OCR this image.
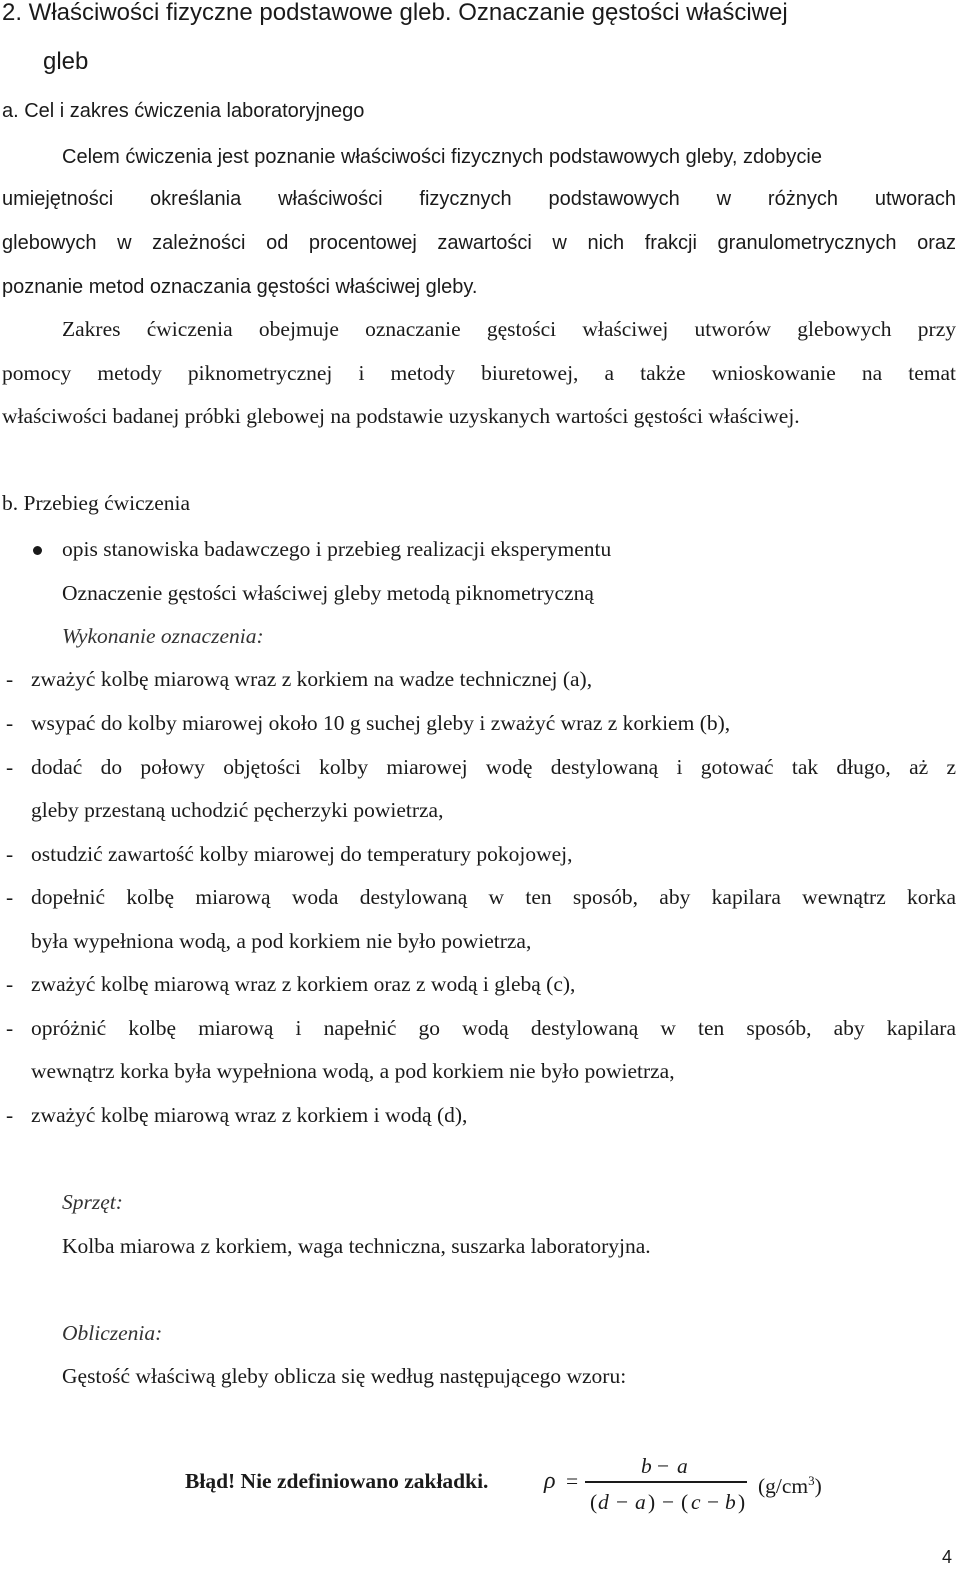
2. Właściwości fizyczne podstawowe gleb. Oznaczanie gęstości właściwej
gleb
a. Cel i zakres ćwiczenia laboratoryjnego
Celem ćwiczenia jest poznanie właściwości fizycznych podstawowych gleby, zdobycie
umiejętności określania właściwości fizycznych podstawowych w różnych utworach
glebowych w zależności od procentowej zawartości w nich frakcji granulometrycznych oraz
poznanie metod oznaczania gęstości właściwej gleby.
Zakres ćwiczenia obejmuje oznaczanie gęstości właściwej utworów glebowych przy
pomocy metody piknometrycznej i metody biuretowej, a także wnioskowanie na temat
właściwości badanej próbki glebowej na podstawie uzyskanych wartości gęstości właściwej.
b. Przebieg ćwiczenia
opis stanowiska badawczego i przebieg realizacji eksperymentu
Oznaczenie gęstości właściwej gleby metodą piknometryczną
Wykonanie oznaczenia:
- zważyć kolbę miarową wraz z korkiem na wadze technicznej (a),
- wsypać do kolby miarowej około 10 g suchej gleby i zważyć wraz z korkiem (b),
- dodać do połowy objętości kolby miarowej wodę destylowaną i gotować tak długo, aż z
gleby przestaną uchodzić pęcherzyki powietrza,
- ostudzić zawartość kolby miarowej do temperatury pokojowej,
- dopełnić kolbę miarową woda destylowaną w ten sposób, aby kapilara wewnątrz korka
była wypełniona wodą, a pod korkiem nie było powietrza,
- zważyć kolbę miarową wraz z korkiem oraz z wodą i glebą (c),
- opróżnić kolbę miarową i napełnić go wodą destylowaną w ten sposób, aby kapilara
wewnątrz korka była wypełniona wodą, a pod korkiem nie było powietrza,
- zważyć kolbę miarową wraz z korkiem i wodą (d),
Sprzęt:
Kolba miarowa z korkiem, waga techniczna, suszarka laboratoryjna.
Obliczenia:
Gęstość właściwą gleby oblicza się według następującego wzoru:
Błąd! Nie zdefiniowano zakładki. ρ =
b − a
( d − a ) − ( c − b )
$(g/cm^3)$
4
